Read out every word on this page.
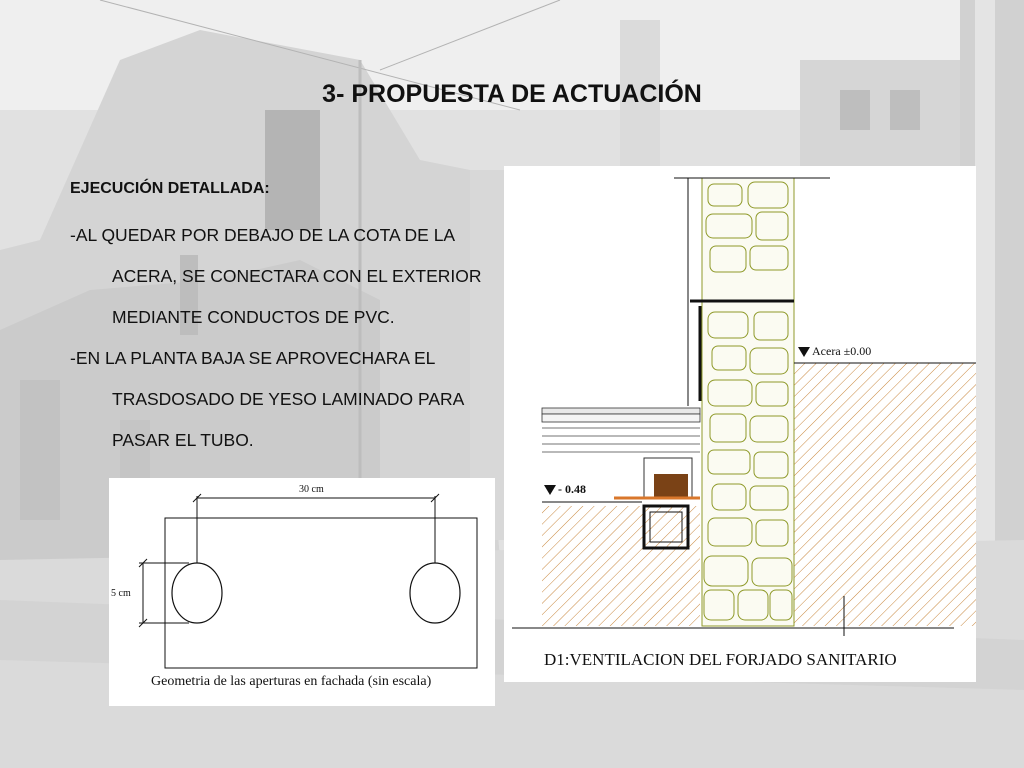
3- PROPUESTA DE ACTUACIÓN
EJECUCIÓN DETALLADA:
-AL QUEDAR POR DEBAJO DE LA COTA DE LA
ACERA, SE CONECTARA CON EL EXTERIOR
MEDIANTE CONDUCTOS DE PVC.
-EN LA PLANTA BAJA SE APROVECHARA EL
TRASDOSADO DE YESO LAMINADO PARA
PASAR EL TUBO.
30 cm
5 cm
Geometria de las aperturas en fachada (sin escala)
Acera ±0.00
- 0.48
D1:VENTILACION DEL FORJADO SANITARIO
